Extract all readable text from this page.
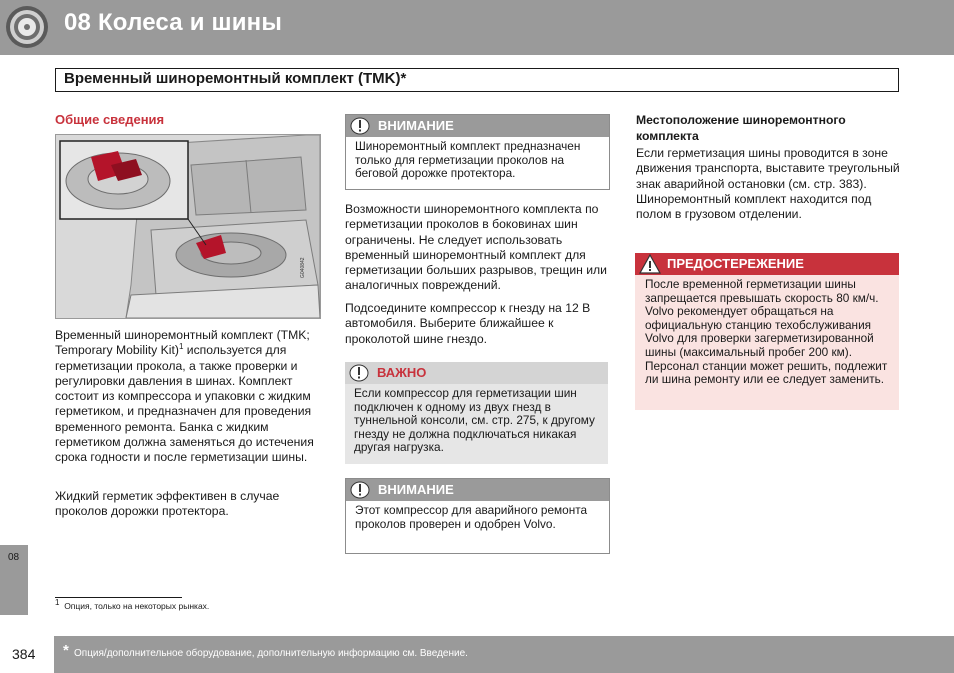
08 Колеса и шины
Временный шиноремонтный комплект (TMK)*
Общие сведения
G040842
Временный шиноремонтный комплект (TMK; Temporary Mobility Kit)$^1$ используется для герметизации прокола, а также проверки и регулировки давления в шинах. Комплект состоит из компрессора и упаковки с жидким герметиком, и предназначен для проведения временного ремонта. Банка с жидким герметиком должна заменяться до истечения срока годности и после герметизации шины.
Жидкий герметик эффективен в случае проколов дорожки протектора.
08
$^1$ Опция, только на некоторых рынках.
ВНИМАНИЕ
Шиноремонтный комплект предназначен только для герметизации проколов на беговой дорожке протектора.
Возможности шиноремонтного комплекта по герметизации проколов в боковинах шин ограничены. Не следует использовать временный шиноремонтный комплект для герметизации больших разрывов, трещин или аналогичных повреждений.
Подсоедините компрессор к гнезду на 12 В автомобиля. Выберите ближайшее к проколотой шине гнездо.
ВАЖНО
Если компрессор для герметизации шин подключен к одному из двух гнезд в туннельной консоли, см. стр. 275, к другому гнезду не должна подключаться никакая другая нагрузка.
ВНИМАНИЕ
Этот компрессор для аварийного ремонта проколов проверен и одобрен Volvo.
Местоположение шиноремонтного комплекта
Если герметизация шины проводится в зоне движения транспорта, выставите треугольный знак аварийной остановки (см. стр. 383). Шиноремонтный комплект находится под полом в грузовом отделении.
ПРЕДОСТЕРЕЖЕНИЕ
После временной герметизации шины запрещается превышать скорость 80 км/ч. Volvo рекомендует обращаться на официальную станцию техобслуживания Volvo для проверки загерметизированной шины (максимальный пробег 200 км). Персонал станции может решить, подлежит ли шина ремонту или ее следует заменить.
384 * Опция/дополнительное оборудование, дополнительную информацию см. Введение.
